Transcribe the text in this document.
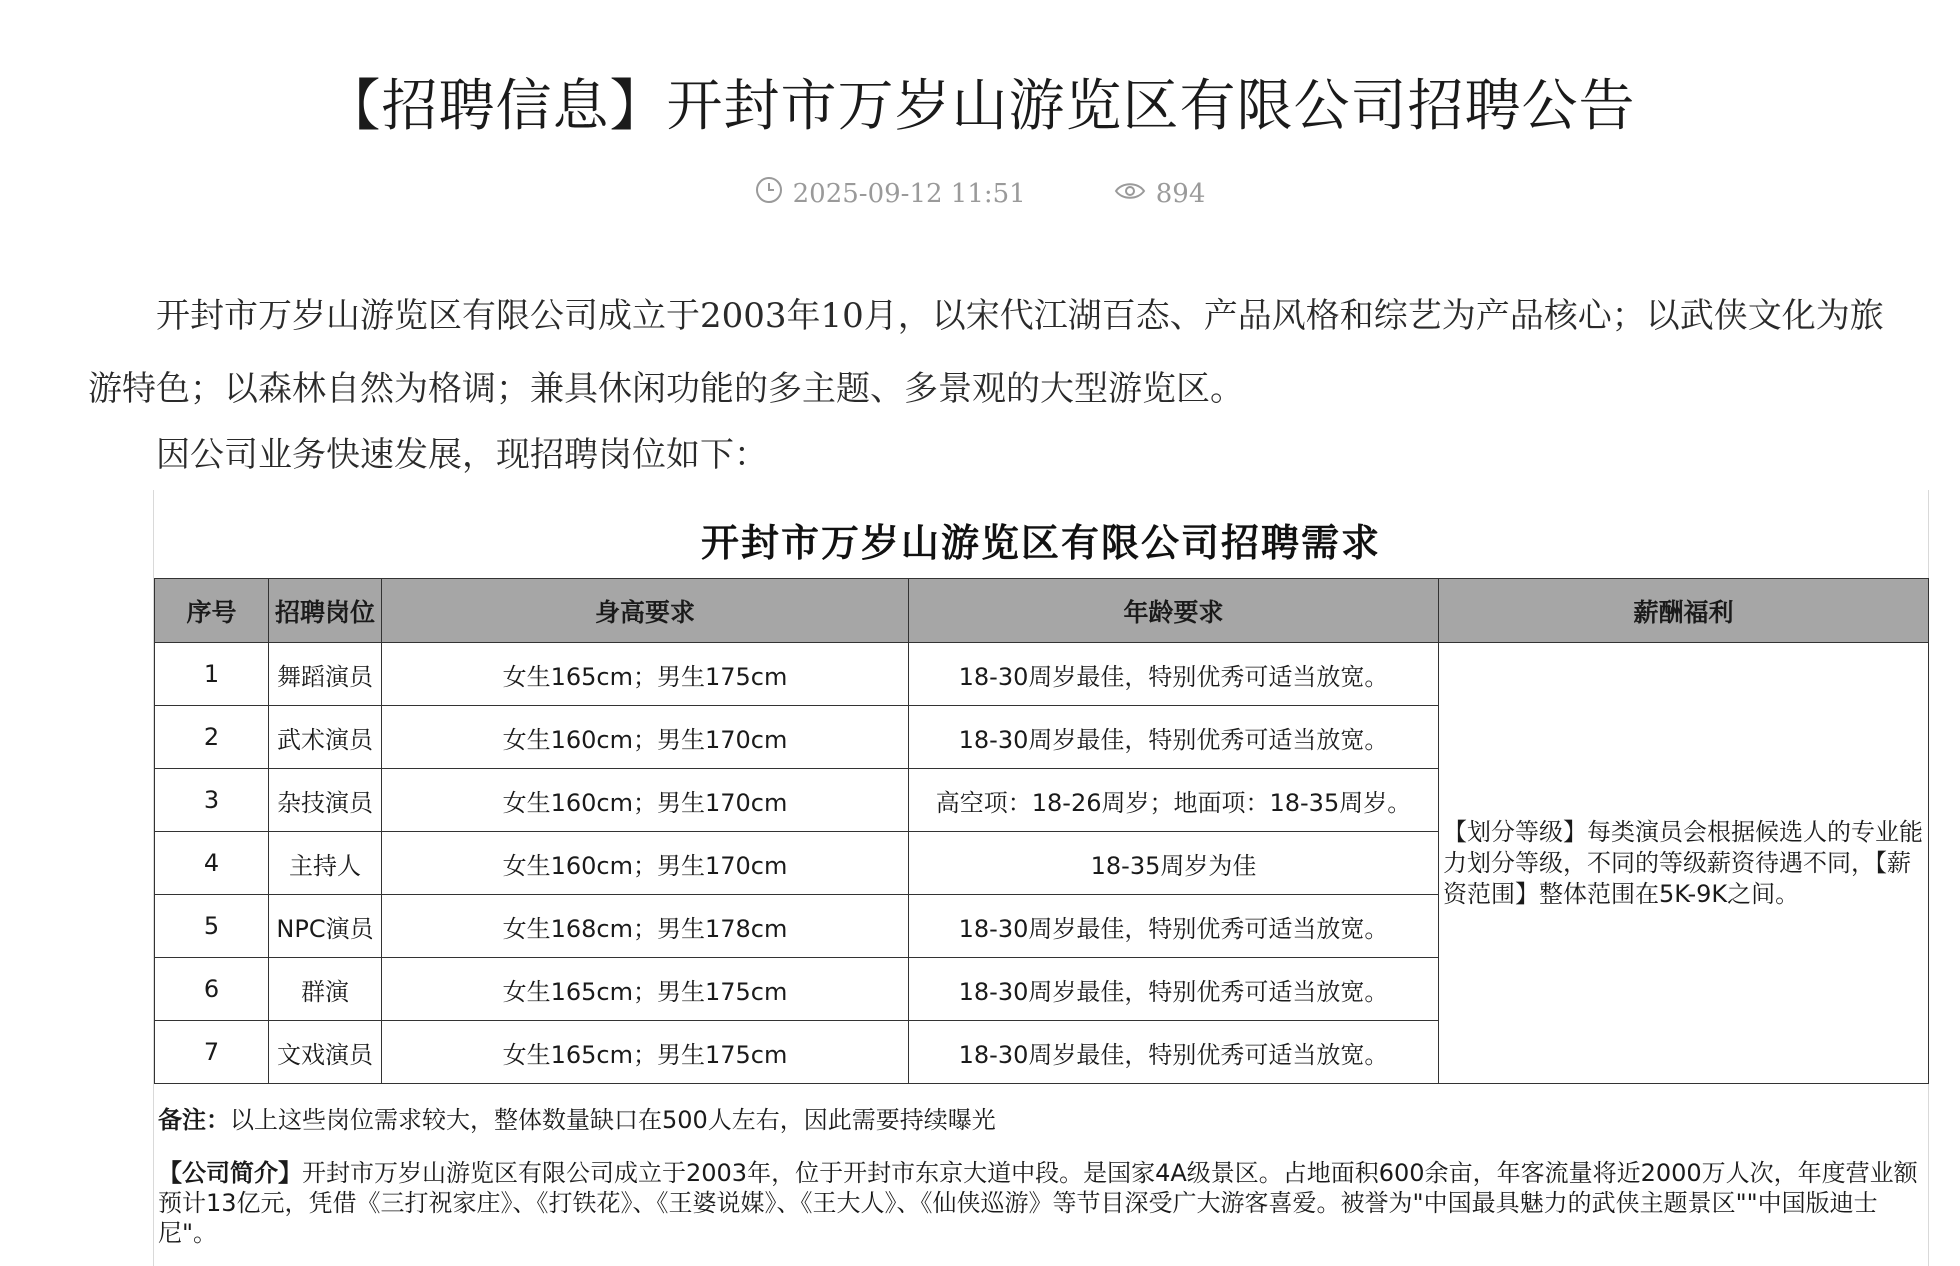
【招聘信息】开封市万岁山游览区有限公司招聘公告
2025-09-12 11:51	894

开封市万岁山游览区有限公司成立于2003年10月，以宋代江湖百态、产品风格和综艺为产品核心；以武侠文化为旅游特色；以森林自然为格调；兼具休闲功能的多主题、多景观的大型游览区。

因公司业务快速发展，现招聘岗位如下：

开封市万岁山游览区有限公司招聘需求
序号	招聘岗位	身高要求	年龄要求	薪酬福利
1	舞蹈演员	女生165cm；男生175cm	18-30周岁最佳，特别优秀可适当放宽。	【划分等级】每类演员会根据候选人的专业能力划分等级，不同的等级薪资待遇不同，【薪资范围】整体范围在5K-9K之间。
2	武术演员	女生160cm；男生170cm	18-30周岁最佳，特别优秀可适当放宽。	
3	杂技演员	女生160cm；男生170cm	高空项：18-26周岁；地面项：18-35周岁。	
4	主持人	女生160cm；男生170cm	18-35周岁为佳	
5	NPC演员	女生168cm；男生178cm	18-30周岁最佳，特别优秀可适当放宽。	
6	群演	女生165cm；男生175cm	18-30周岁最佳，特别优秀可适当放宽。	
7	文戏演员	女生165cm；男生175cm	18-30周岁最佳，特别优秀可适当放宽。	

备注：以上这些岗位需求较大，整体数量缺口在500人左右，因此需要持续曝光

【公司简介】开封市万岁山游览区有限公司成立于2003年，位于开封市东京大道中段。是国家4A级景区。占地面积600余亩，年客流量将近2000万人次，年度营业额预计13亿元，凭借《三打祝家庄》、《打铁花》、《王婆说媒》、《王大人》、《仙侠巡游》等节目深受广大游客喜爱。被誉为"中国最具魅力的武侠主题景区""中国版迪士尼"。
